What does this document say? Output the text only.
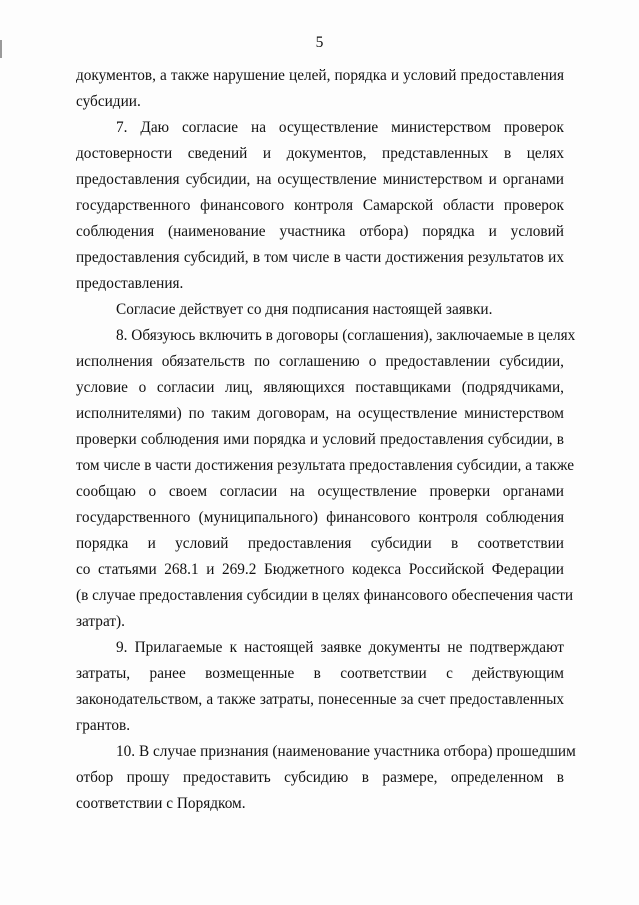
5
документов, а также нарушение целей, порядка и условий предоставления
субсидии.
7. Даю согласие на осуществление министерством проверок
достоверности сведений и документов, представленных в целях
предоставления субсидии, на осуществление министерством и органами
государственного финансового контроля Самарской области проверок
соблюдения (наименование участника отбора) порядка и условий
предоставления субсидий, в том числе в части достижения результатов их
предоставления.
Согласие действует со дня подписания настоящей заявки.
8. Обязуюсь включить в договоры (соглашения), заключаемые в целях
исполнения обязательств по соглашению о предоставлении субсидии,
условие о согласии лиц, являющихся поставщиками (подрядчиками,
исполнителями) по таким договорам, на осуществление министерством
проверки соблюдения ими порядка и условий предоставления субсидии, в
том числе в части достижения результата предоставления субсидии, а также
сообщаю о своем согласии на осуществление проверки органами
государственного (муниципального) финансового контроля соблюдения
порядка и условий предоставления субсидии в соответствии
со статьями 268.1 и 269.2 Бюджетного кодекса Российской Федерации
(в случае предоставления субсидии в целях финансового обеспечения части
затрат).
9. Прилагаемые к настоящей заявке документы не подтверждают
затраты, ранее возмещенные в соответствии с действующим
законодательством, а также затраты, понесенные за счет предоставленных
грантов.
10. В случае признания (наименование участника отбора) прошедшим
отбор прошу предоставить субсидию в размере, определенном в
соответствии с Порядком.
